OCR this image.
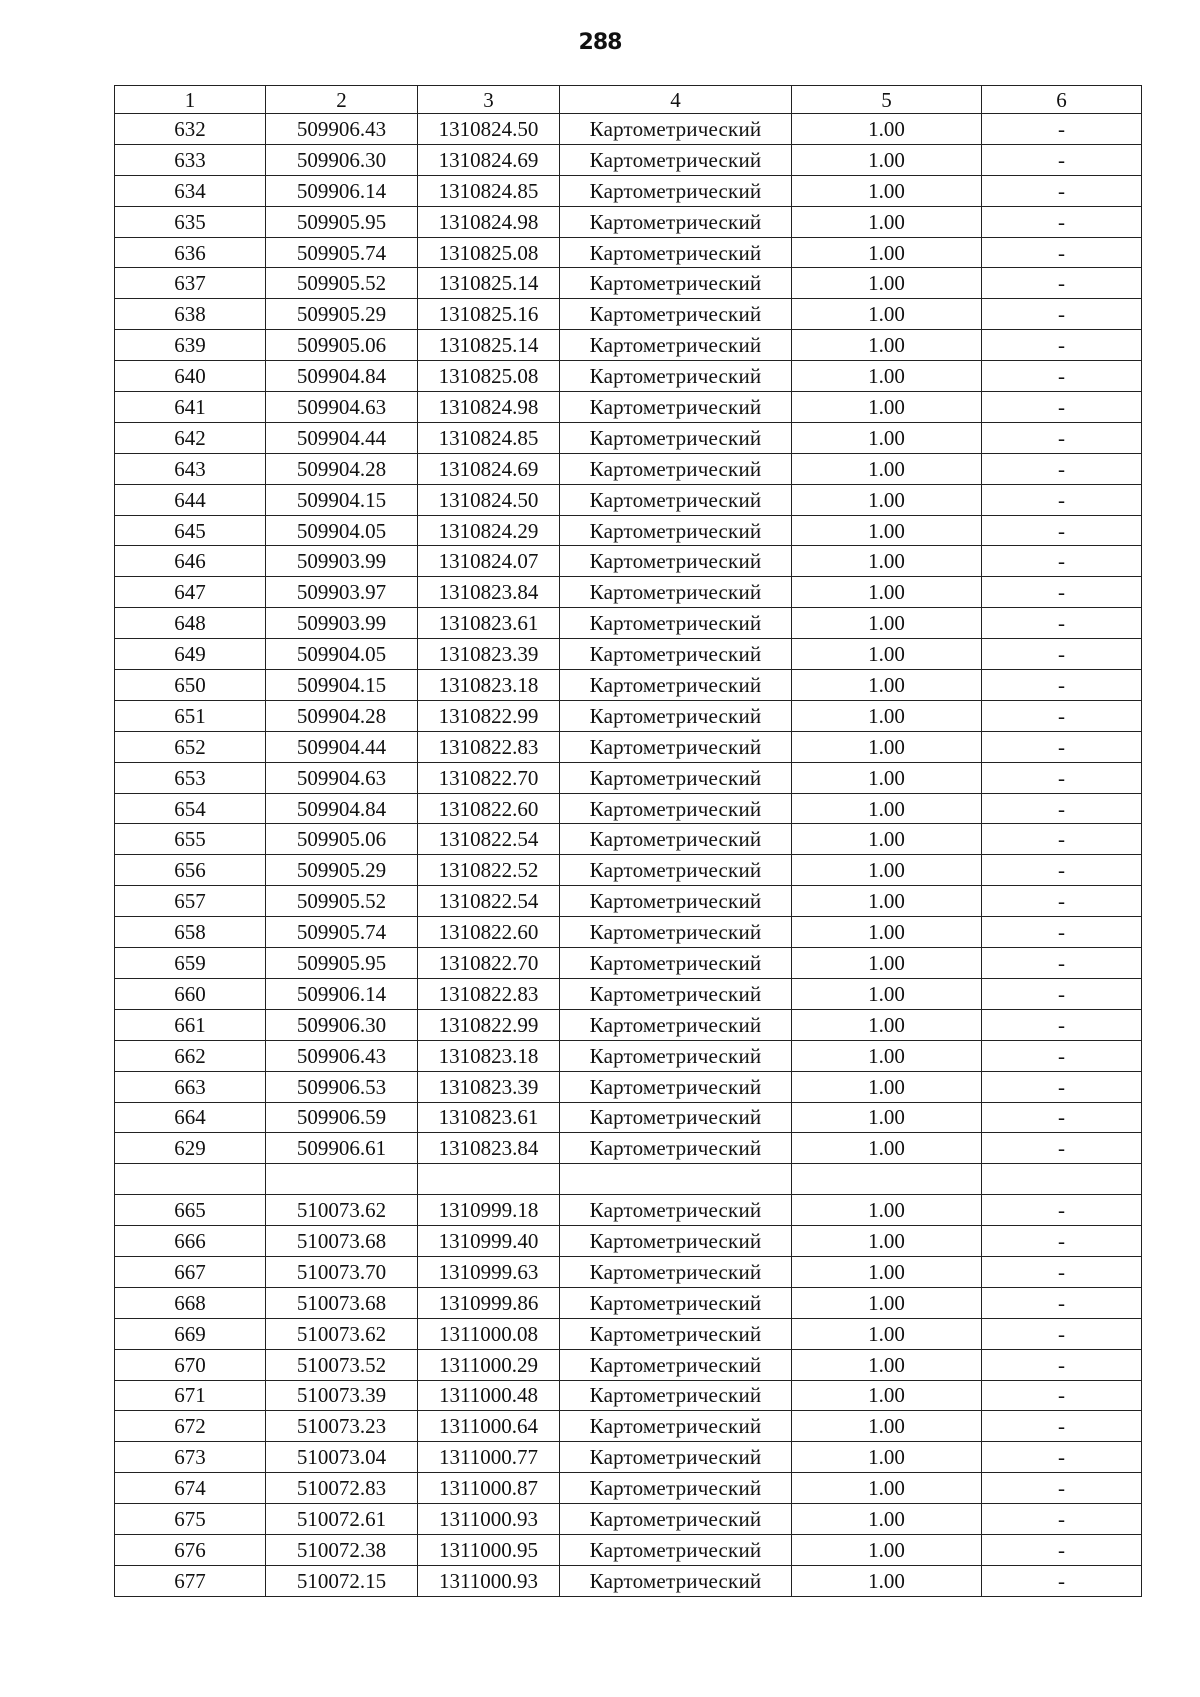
288
1	2	3	4	5	6
632	509906.43	1310824.50	Картометрический	1.00	-
633	509906.30	1310824.69	Картометрический	1.00	-
634	509906.14	1310824.85	Картометрический	1.00	-
635	509905.95	1310824.98	Картометрический	1.00	-
636	509905.74	1310825.08	Картометрический	1.00	-
637	509905.52	1310825.14	Картометрический	1.00	-
638	509905.29	1310825.16	Картометрический	1.00	-
639	509905.06	1310825.14	Картометрический	1.00	-
640	509904.84	1310825.08	Картометрический	1.00	-
641	509904.63	1310824.98	Картометрический	1.00	-
642	509904.44	1310824.85	Картометрический	1.00	-
643	509904.28	1310824.69	Картометрический	1.00	-
644	509904.15	1310824.50	Картометрический	1.00	-
645	509904.05	1310824.29	Картометрический	1.00	-
646	509903.99	1310824.07	Картометрический	1.00	-
647	509903.97	1310823.84	Картометрический	1.00	-
648	509903.99	1310823.61	Картометрический	1.00	-
649	509904.05	1310823.39	Картометрический	1.00	-
650	509904.15	1310823.18	Картометрический	1.00	-
651	509904.28	1310822.99	Картометрический	1.00	-
652	509904.44	1310822.83	Картометрический	1.00	-
653	509904.63	1310822.70	Картометрический	1.00	-
654	509904.84	1310822.60	Картометрический	1.00	-
655	509905.06	1310822.54	Картометрический	1.00	-
656	509905.29	1310822.52	Картометрический	1.00	-
657	509905.52	1310822.54	Картометрический	1.00	-
658	509905.74	1310822.60	Картометрический	1.00	-
659	509905.95	1310822.70	Картометрический	1.00	-
660	509906.14	1310822.83	Картометрический	1.00	-
661	509906.30	1310822.99	Картометрический	1.00	-
662	509906.43	1310823.18	Картометрический	1.00	-
663	509906.53	1310823.39	Картометрический	1.00	-
664	509906.59	1310823.61	Картометрический	1.00	-
629	509906.61	1310823.84	Картометрический	1.00	-

665	510073.62	1310999.18	Картометрический	1.00	-
666	510073.68	1310999.40	Картометрический	1.00	-
667	510073.70	1310999.63	Картометрический	1.00	-
668	510073.68	1310999.86	Картометрический	1.00	-
669	510073.62	1311000.08	Картометрический	1.00	-
670	510073.52	1311000.29	Картометрический	1.00	-
671	510073.39	1311000.48	Картометрический	1.00	-
672	510073.23	1311000.64	Картометрический	1.00	-
673	510073.04	1311000.77	Картометрический	1.00	-
674	510072.83	1311000.87	Картометрический	1.00	-
675	510072.61	1311000.93	Картометрический	1.00	-
676	510072.38	1311000.95	Картометрический	1.00	-
677	510072.15	1311000.93	Картометрический	1.00	-
